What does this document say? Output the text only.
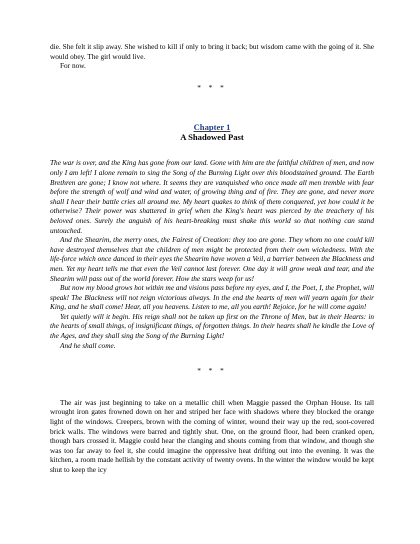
die. She felt it slip away. She wished to kill if only to bring it back; but wisdom came with the going of it. She would obey. The girl would live.

For now.

* * *

Chapter 1

A Shadowed Past

The war is over, and the King has gone from our land. Gone with him are the faithful children of men, and now only I am left! I alone remain to sing the Song of the Burning Light over this bloodstained ground. The Earth Brethren are gone; I know not where. It seems they are vanquished who once made all men tremble with fear before the strength of wolf and wind and water, of growing thing and of fire. They are gone, and never more shall I hear their battle cries all around me. My heart quakes to think of them conquered, yet how could it be otherwise? Their power was shattered in grief when the King's heart was pierced by the treachery of his beloved ones. Surely the anguish of his heart-breaking must shake this world so that nothing can stand untouched.

And the Shearim, the merry ones, the Fairest of Creation: they too are gone. They whom no one could kill have destroyed themselves that the children of men might be protected from their own wickedness. With the life-force which once danced in their eyes the Shearim have woven a Veil, a barrier between the Blackness and men. Yet my heart tells me that even the Veil cannot last forever. One day it will grow weak and tear, and the Shearim will pass out of the world forever. How the stars weep for us!

But now my blood grows hot within me and visions pass before my eyes, and I, the Poet, I, the Prophet, will speak! The Blackness will not reign victorious always. In the end the hearts of men will yearn again for their King, and he shall come! Hear, all you heavens. Listen to me, all you earth! Rejoice, for he will come again!

Yet quietly will it begin. His reign shall not be taken up first on the Throne of Men, but in their Hearts: in the hearts of small things, of insignificant things, of forgotten things. In their hearts shall he kindle the Love of the Ages, and they shall sing the Song of the Burning Light!

And he shall come.

* * *

The air was just beginning to take on a metallic chill when Maggie passed the Orphan House. Its tall wrought iron gates frowned down on her and striped her face with shadows where they blocked the orange light of the windows. Creepers, brown with the coming of winter, wound their way up the red, soot-covered brick walls. The windows were barred and tightly shut. One, on the ground floor, had been cranked open, though bars crossed it. Maggie could hear the clanging and shouts coming from that window, and though she was too far away to feel it, she could imagine the oppressive heat drifting out into the evening. It was the kitchen, a room made hellish by the constant activity of twenty ovens. In the winter the window would be kept shut to keep the icy
